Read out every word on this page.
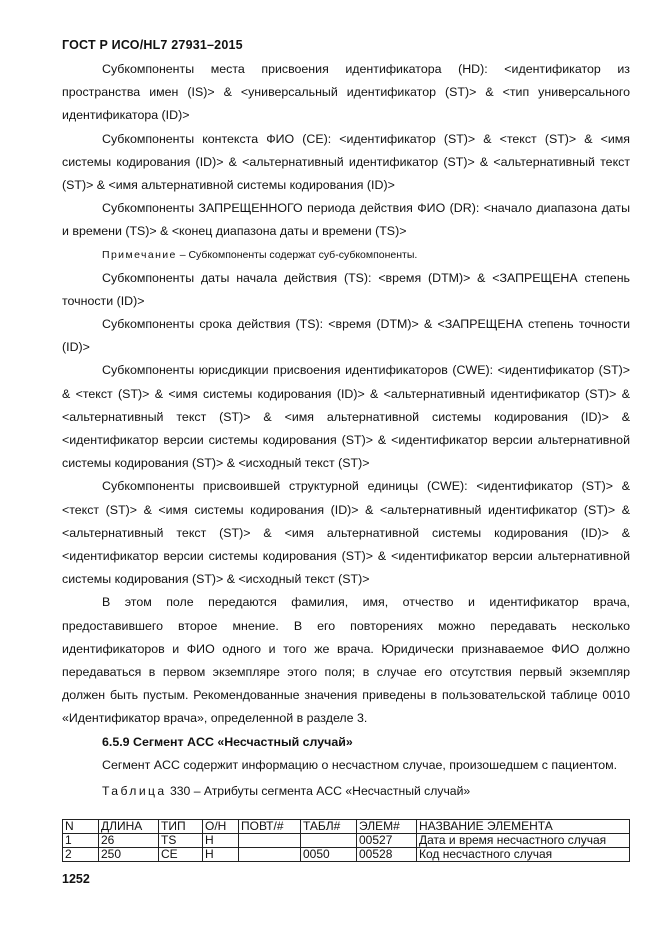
ГОСТ Р ИСО/HL7 27931–2015

Субкомпоненты места присвоения идентификатора (HD): <идентификатор из пространства имен (IS)> & <универсальный идентификатор (ST)> & <тип универсального идентификатора (ID)>

Субкомпоненты контекста ФИО (CE): <идентификатор (ST)> & <текст (ST)> & <имя системы кодирования (ID)> & <альтернативный идентификатор (ST)> & <альтернативный текст (ST)> & <имя альтернативной системы кодирования (ID)>

Субкомпоненты ЗАПРЕЩЕННОГО периода действия ФИО (DR): <начало диапазона даты и времени (TS)> & <конец диапазона даты и времени (TS)>

Примечание – Субкомпоненты содержат суб-субкомпоненты.

Субкомпоненты даты начала действия (TS): <время (DTM)> & <ЗАПРЕЩЕНА степень точности (ID)>

Субкомпоненты срока действия (TS): <время (DTM)> & <ЗАПРЕЩЕНА степень точности (ID)>

Субкомпоненты юрисдикции присвоения идентификаторов (CWE): <идентификатор (ST)> & <текст (ST)> & <имя системы кодирования (ID)> & <альтернативный идентификатор (ST)> & <альтернативный текст (ST)> & <имя альтернативной системы кодирования (ID)> & <идентификатор версии системы кодирования (ST)> & <идентификатор версии альтернативной системы кодирования (ST)> & <исходный текст (ST)>

Субкомпоненты присвоившей структурной единицы (CWE): <идентификатор (ST)> & <текст (ST)> & <имя системы кодирования (ID)> & <альтернативный идентификатор (ST)> & <альтернативный текст (ST)> & <имя альтернативной системы кодирования (ID)> & <идентификатор версии системы кодирования (ST)> & <идентификатор версии альтернативной системы кодирования (ST)> & <исходный текст (ST)>

В этом поле передаются фамилия, имя, отчество и идентификатор врача, предоставившего второе мнение. В его повторениях можно передавать несколько идентификаторов и ФИО одного и того же врача. Юридически признаваемое ФИО должно передаваться в первом экземпляре этого поля; в случае его отсутствия первый экземпляр должен быть пустым. Рекомендованные значения приведены в пользовательской таблице 0010 «Идентификатор врача», определенной в разделе 3.

6.5.9 Сегмент ACC «Несчастный случай»

Сегмент ACC содержит информацию о несчастном случае, произошедшем с пациентом.

Таблица 330 – Атрибуты сегмента ACC «Несчастный случай»

N	ДЛИНА	ТИП	О/Н	ПОВТ/#	ТАБЛ#	ЭЛЕМ#	НАЗВАНИЕ ЭЛЕМЕНТА
1	26	TS	Н			00527	Дата и время несчастного случая
2	250	CE	Н		0050	00528	Код несчастного случая
1252
